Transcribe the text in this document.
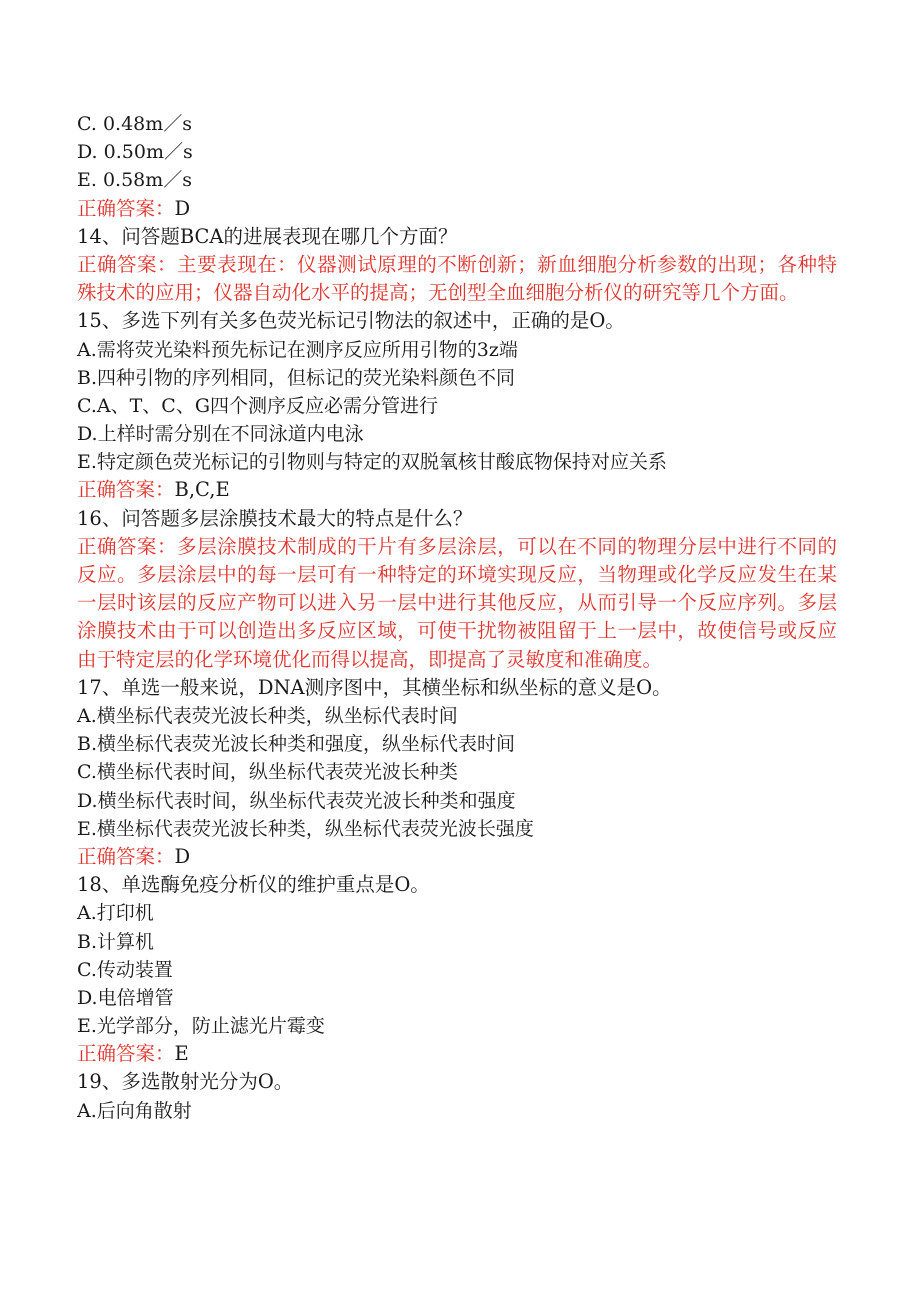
C. 0.48m／s
D. 0.50m／s
E. 0.58m／s
正确答案：D
14、问答题BCA的进展表现在哪几个方面？
正确答案：主要表现在：仪器测试原理的不断创新；新血细胞分析参数的出现；各种特殊技术的应用；仪器自动化水平的提高；无创型全血细胞分析仪的研究等几个方面。
15、多选下列有关多色荧光标记引物法的叙述中，正确的是O。
A.需将荧光染料预先标记在测序反应所用引物的3z端
B.四种引物的序列相同，但标记的荧光染料颜色不同
C.A、T、C、G四个测序反应必需分管进行
D.上样时需分别在不同泳道内电泳
E.特定颜色荧光标记的引物则与特定的双脱氧核甘酸底物保持对应关系
正确答案：B,C,E
16、问答题多层涂膜技术最大的特点是什么？
正确答案：多层涂膜技术制成的干片有多层涂层，可以在不同的物理分层中进行不同的反应。多层涂层中的每一层可有一种特定的环境实现反应，当物理或化学反应发生在某一层时该层的反应产物可以进入另一层中进行其他反应，从而引导一个反应序列。多层涂膜技术由于可以创造出多反应区域，可使干扰物被阻留于上一层中，故使信号或反应由于特定层的化学环境优化而得以提高，即提高了灵敏度和准确度。
17、单选一般来说，DNA测序图中，其横坐标和纵坐标的意义是O。
A.横坐标代表荧光波长种类，纵坐标代表时间
B.横坐标代表荧光波长种类和强度，纵坐标代表时间
C.横坐标代表时间，纵坐标代表荧光波长种类
D.横坐标代表时间，纵坐标代表荧光波长种类和强度
E.横坐标代表荧光波长种类，纵坐标代表荧光波长强度
正确答案：D
18、单选酶免疫分析仪的维护重点是O。
A.打印机
B.计算机
C.传动装置
D.电倍增管
E.光学部分，防止滤光片霉变
正确答案：E
19、多选散射光分为O。
A.后向角散射
